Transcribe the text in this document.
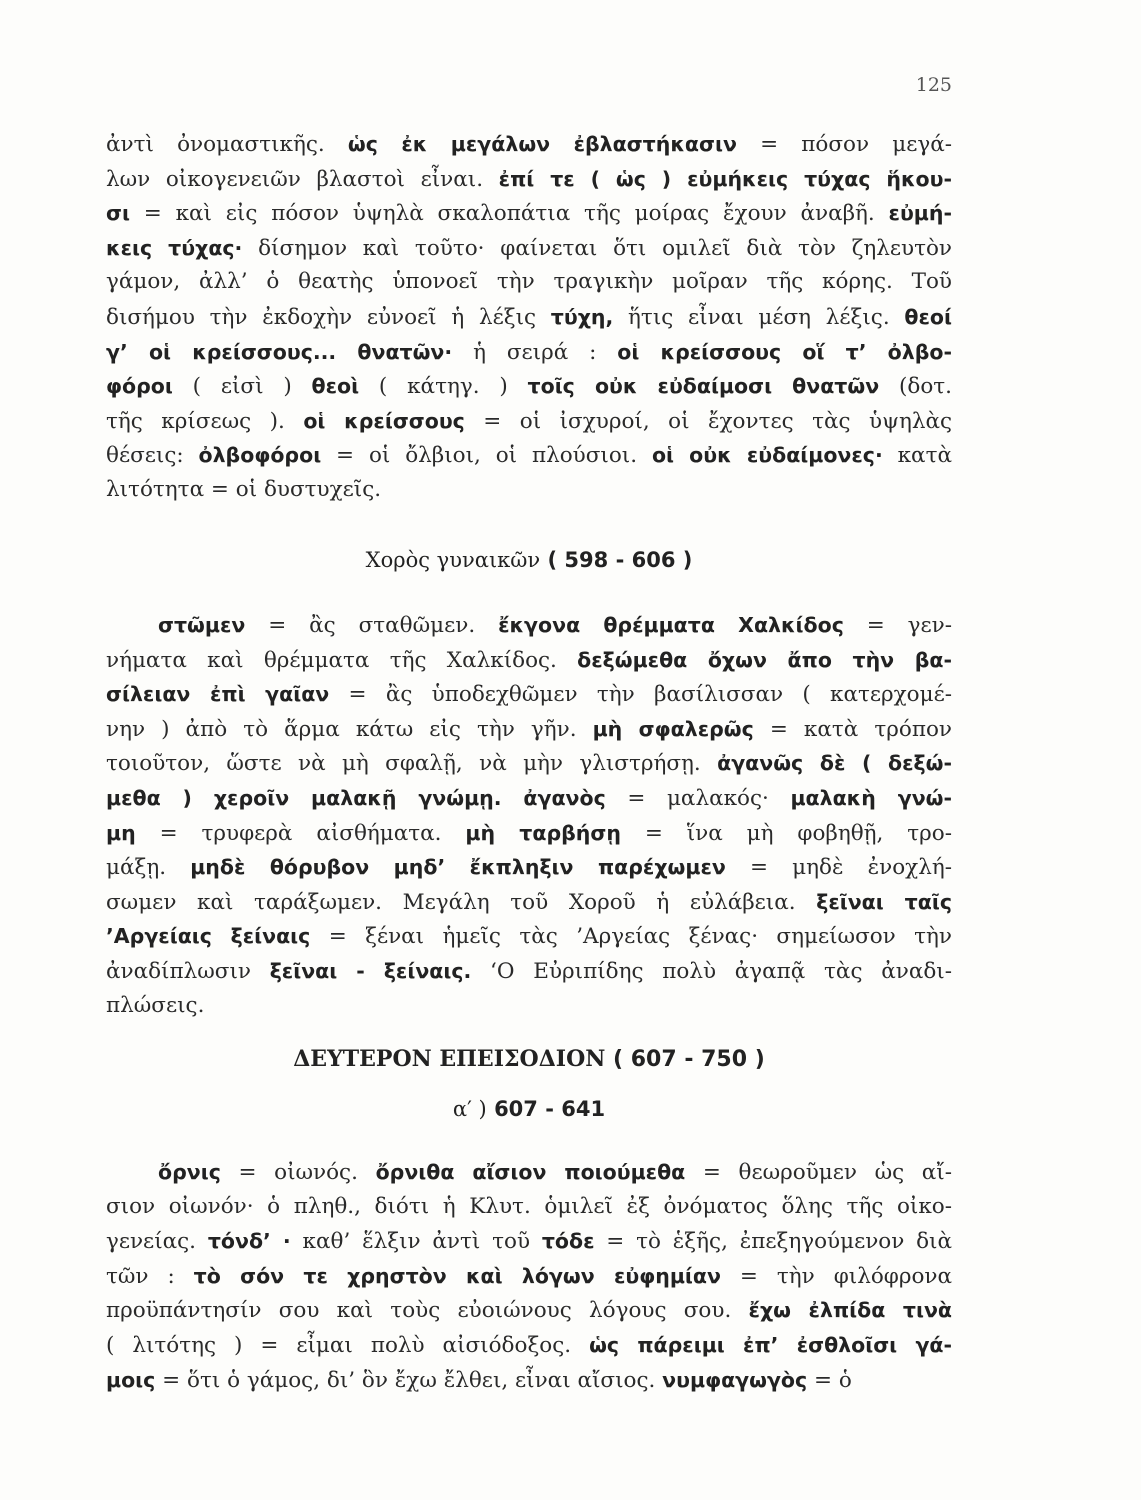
125
ἀντὶ ὀνομαστικῆς. ὡς ἐκ μεγάλων ἐβλαστήκασιν = πόσον μεγά-
λων οἰκογενειῶν βλαστοὶ εἶναι. ἐπί τε ( ὡς ) εὐμήκεις τύχας ἥκου-
σι = καὶ εἰς πόσον ὑψηλὰ σκαλοπάτια τῆς μοίρας ἔχουν ἀναβῆ. εὐμή-
κεις τύχας· δίσημον καὶ τοῦτο· φαίνεται ὅτι ομιλεῖ διὰ τὸν ζηλευτὸν
γάμον, ἀλλ’ ὁ θεατὴς ὑπονοεῖ τὴν τραγικὴν μοῖραν τῆς κόρης. Τοῦ
δισήμου τὴν ἐκδοχὴν εὐνοεῖ ἡ λέξις τύχη, ἥτις εἶναι μέση λέξις. θεοί
γ’ οἱ κρείσσους... θνατῶν· ἡ σειρά : οἱ κρείσσους οἵ τ’ ὀλβο-
φόροι ( εἰσὶ ) θεοὶ ( κάτηγ. ) τοῖς οὐκ εὐδαίμοσι θνατῶν (δοτ.
τῆς κρίσεως ). οἱ κρείσσους = οἱ ἰσχυροί, οἱ ἔχοντες τὰς ὑψηλὰς
θέσεις: ὀλβοφόροι = οἱ ὄλβιοι, οἱ πλούσιοι. οἱ οὐκ εὐδαίμονες· κατὰ
λιτότητα = οἱ δυστυχεῖς.
Χορὸς γυναικῶν ( 598 - 606 )
στῶμεν = ἂς σταθῶμεν. ἔκγονα θρέμματα Χαλκίδος = γεν-
νήματα καὶ θρέμματα τῆς Χαλκίδος. δεξώμεθα ὄχων ἄπο τὴν βα-
σίλειαν ἐπὶ γαῖαν = ἂς ὑποδεχθῶμεν τὴν βασίλισσαν ( κατερχομέ-
νην ) ἀπὸ τὸ ἅρμα κάτω εἰς τὴν γῆν. μὴ σφαλερῶς = κατὰ τρόπον
τοιοῦτον, ὥστε νὰ μὴ σφαλῇ, νὰ μὴν γλιστρήσῃ. ἀγανῶς δὲ ( δεξώ-
μεθα ) χεροῖν μαλακῇ γνώμῃ. ἀγανὸς = μαλακός· μαλακὴ γνώ-
μη = τρυφερὰ αἰσθήματα. μὴ ταρβήσῃ = ἵνα μὴ φοβηθῇ, τρο-
μάξῃ. μηδὲ θόρυβον μηδ’ ἔκπληξιν παρέχωμεν = μηδὲ ἐνοχλή-
σωμεν καὶ ταράξωμεν. Μεγάλη τοῦ Χοροῦ ἡ εὐλάβεια. ξεῖναι ταῖς
’Αργείαις ξείναις = ξέναι ἡμεῖς τὰς ’Αργείας ξένας· σημείωσον τὴν
ἀναδίπλωσιν ξεῖναι - ξείναις. ‘Ο Εὐριπίδης πολὺ ἀγαπᾷ τὰς ἀναδι-
πλώσεις.
ΔΕΥΤΕΡΟΝ ΕΠΕΙΣΟΔΙΟΝ ( 607 - 750 )
α′ ) 607 - 641
ὄρνις = οἰωνός. ὄρνιθα αἴσιον ποιούμεθα = θεωροῦμεν ὡς αἴ-
σιον οἰωνόν· ὁ πληθ., διότι ἡ Κλυτ. ὁμιλεῖ ἐξ ὀνόματος ὅλης τῆς οἰκο-
γενείας. τόνδ’ · καθ’ ἕλξιν ἀντὶ τοῦ τόδε = τὸ ἑξῆς, ἐπεξηγούμενον διὰ
τῶν : τὸ σόν τε χρηστὸν καὶ λόγων εὐφημίαν = τὴν φιλόφρονα
προϋπάντησίν σου καὶ τοὺς εὐοιώνους λόγους σου. ἔχω ἐλπίδα τινὰ
( λιτότης ) = εἶμαι πολὺ αἰσιόδοξος. ὡς πάρειμι ἐπ’ ἐσθλοῖσι γά-
μοις = ὅτι ὁ γάμος, δι’ ὃν ἔχω ἔλθει, εἶναι αἴσιος. νυμφαγωγὸς = ὁ
